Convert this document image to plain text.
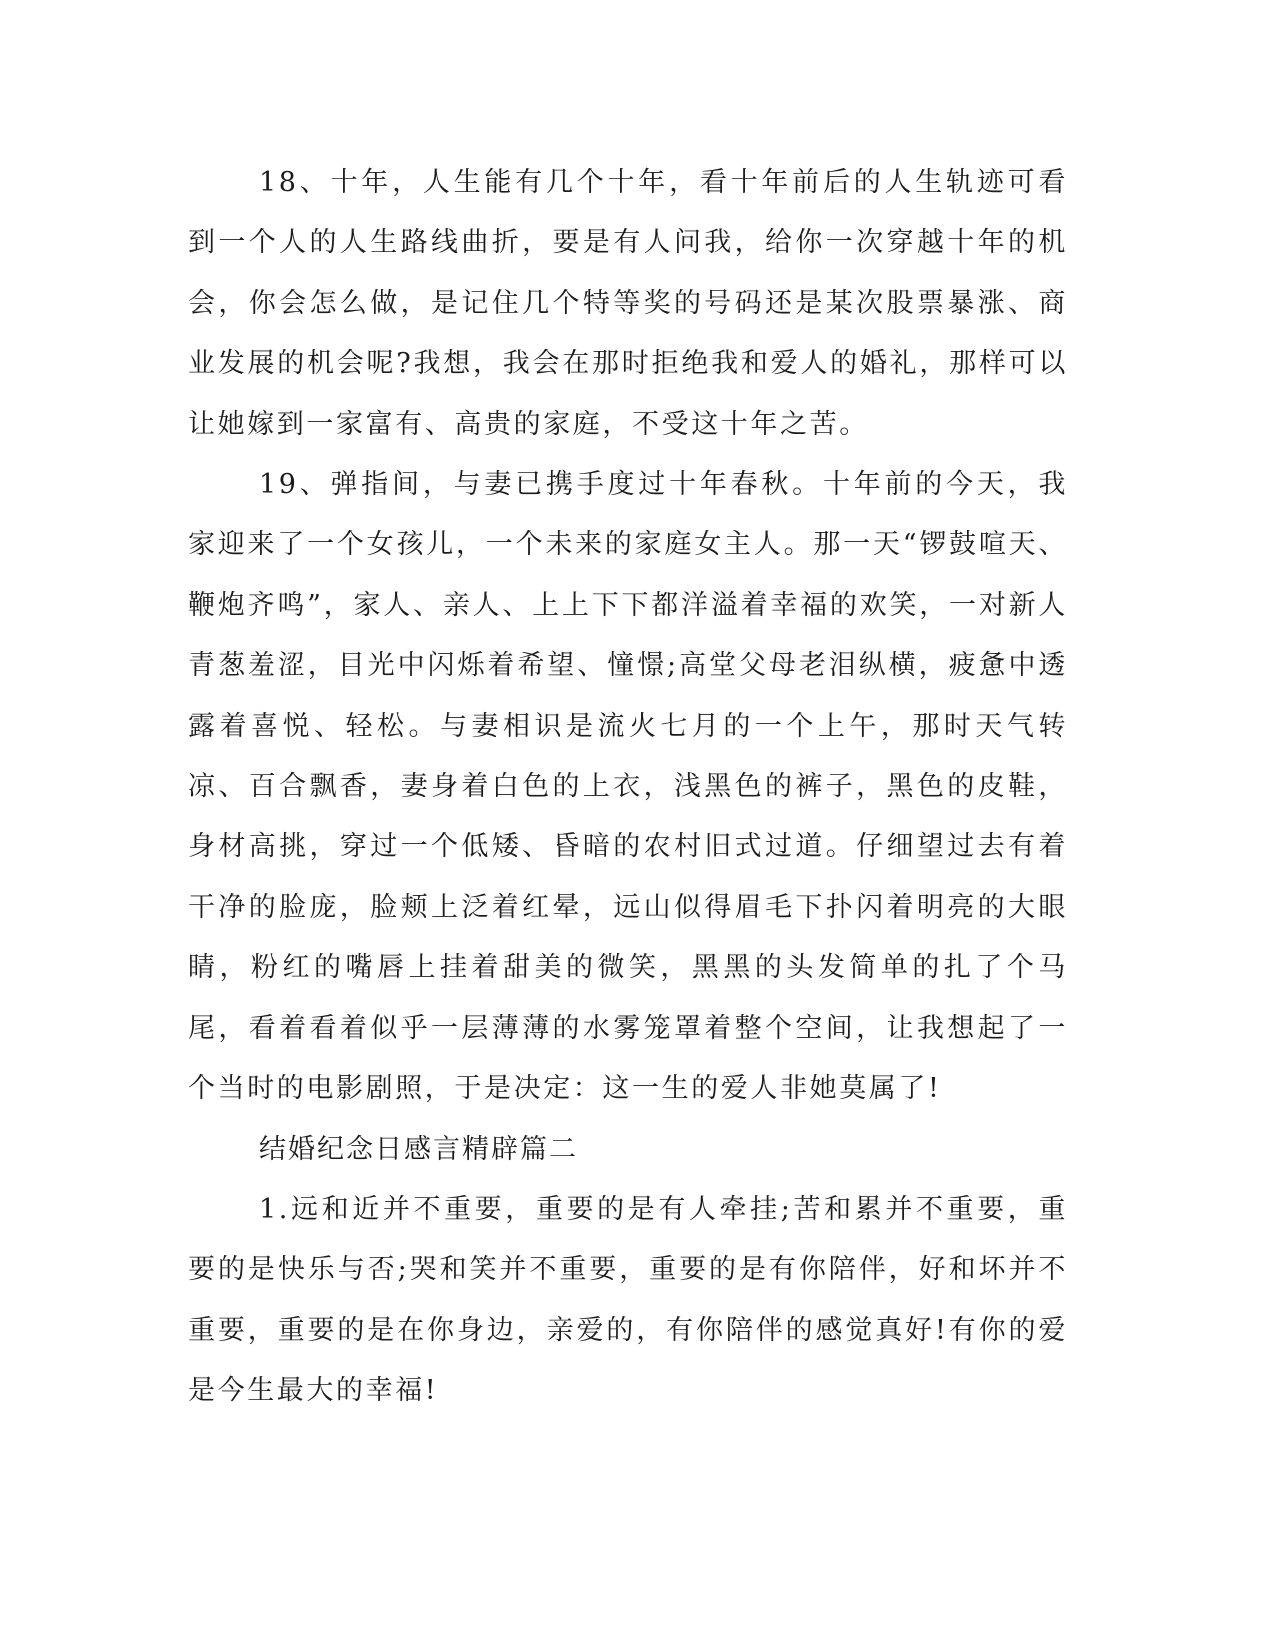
18、十年，人生能有几个十年，看十年前后的人生轨迹可看到一个人的人生路线曲折，要是有人问我，给你一次穿越十年的机会，你会怎么做，是记住几个特等奖的号码还是某次股票暴涨、商业发展的机会呢?我想，我会在那时拒绝我和爱人的婚礼，那样可以让她嫁到一家富有、高贵的家庭，不受这十年之苦。

19、弹指间，与妻已携手度过十年春秋。十年前的今天，我家迎来了一个女孩儿，一个未来的家庭女主人。那一天“锣鼓喧天、鞭炮齐鸣”，家人、亲人、上上下下都洋溢着幸福的欢笑，一对新人青葱羞涩，目光中闪烁着希望、憧憬;高堂父母老泪纵横，疲惫中透露着喜悦、轻松。与妻相识是流火七月的一个上午，那时天气转凉、百合飘香，妻身着白色的上衣，浅黑色的裤子，黑色的皮鞋，身材高挑，穿过一个低矮、昏暗的农村旧式过道。仔细望过去有着干净的脸庞，脸颊上泛着红晕，远山似得眉毛下扑闪着明亮的大眼睛，粉红的嘴唇上挂着甜美的微笑，黑黑的头发简单的扎了个马尾，看着看着似乎一层薄薄的水雾笼罩着整个空间，让我想起了一个当时的电影剧照，于是决定：这一生的爱人非她莫属了!

结婚纪念日感言精辟篇二

1.远和近并不重要，重要的是有人牵挂;苦和累并不重要，重要的是快乐与否;哭和笑并不重要，重要的是有你陪伴，好和坏并不重要，重要的是在你身边，亲爱的，有你陪伴的感觉真好!有你的爱是今生最大的幸福!
